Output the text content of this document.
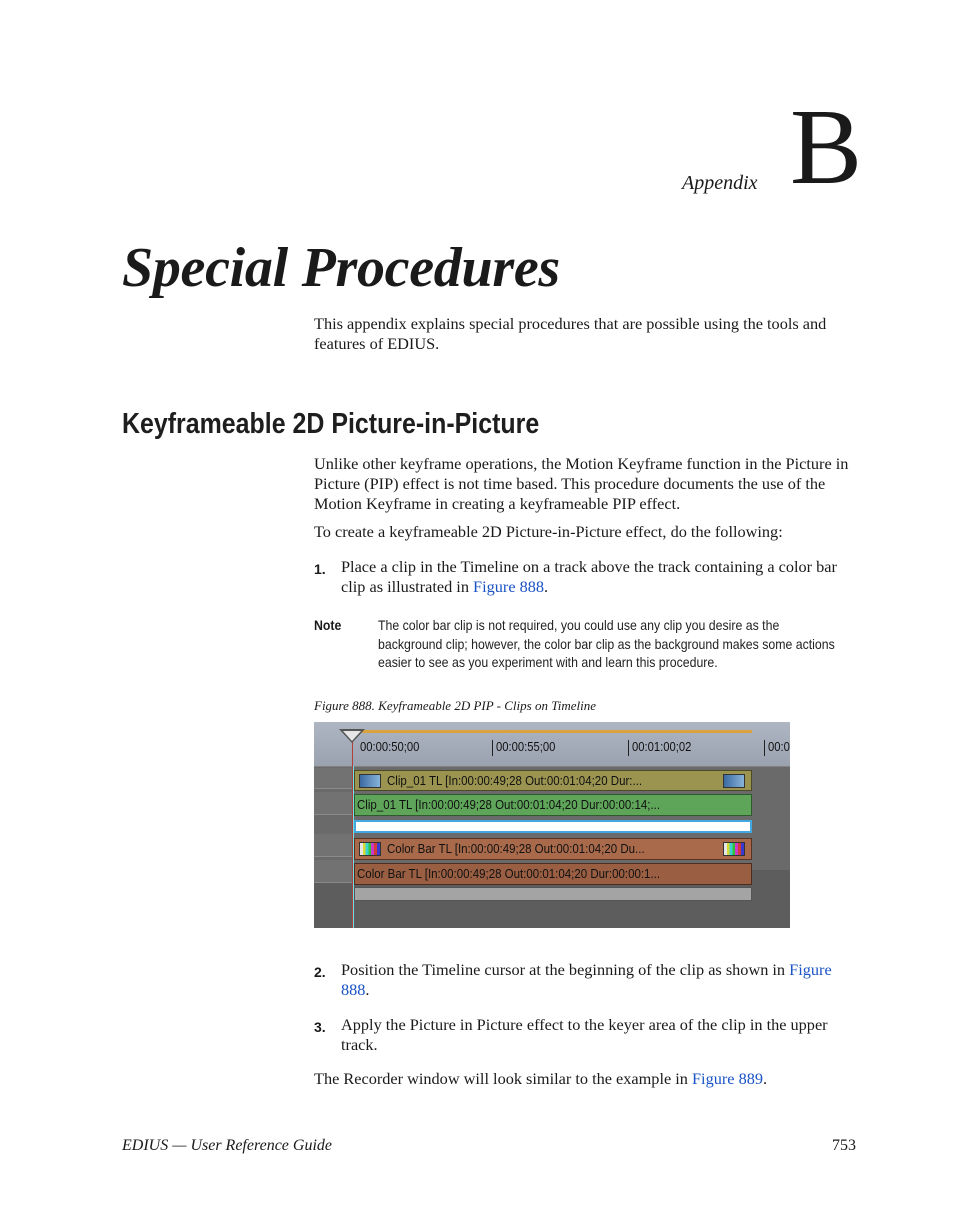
Appendix B
Special Procedures
This appendix explains special procedures that are possible using the tools and features of EDIUS.
Keyframeable 2D Picture-in-Picture
Unlike other keyframe operations, the Motion Keyframe function in the Picture in Picture (PIP) effect is not time based. This procedure documents the use of the Motion Keyframe in creating a keyframeable PIP effect.
To create a keyframeable 2D Picture-in-Picture effect, do the following:
1. Place a clip in the Timeline on a track above the track containing a color bar clip as illustrated in Figure 888.
Note	The color bar clip is not required, you could use any clip you desire as the background clip; however, the color bar clip as the background makes some actions easier to see as you experiment with and learn this procedure.
Figure 888. Keyframeable 2D PIP - Clips on Timeline
00:00:50;00	00:00:55;00	00:01:00;02	00:0
Clip_01 TL [In:00:00:49;28 Out:00:01:04;20 Dur:...
Clip_01 TL [In:00:00:49;28 Out:00:01:04;20 Dur:00:00:14;...
Color Bar TL [In:00:00:49;28 Out:00:01:04;20 Du...
Color Bar TL [In:00:00:49;28 Out:00:01:04;20 Dur:00:00:1...
2. Position the Timeline cursor at the beginning of the clip as shown in Figure 888.
3. Apply the Picture in Picture effect to the keyer area of the clip in the upper track.
The Recorder window will look similar to the example in Figure 889.
EDIUS — User Reference Guide	753
